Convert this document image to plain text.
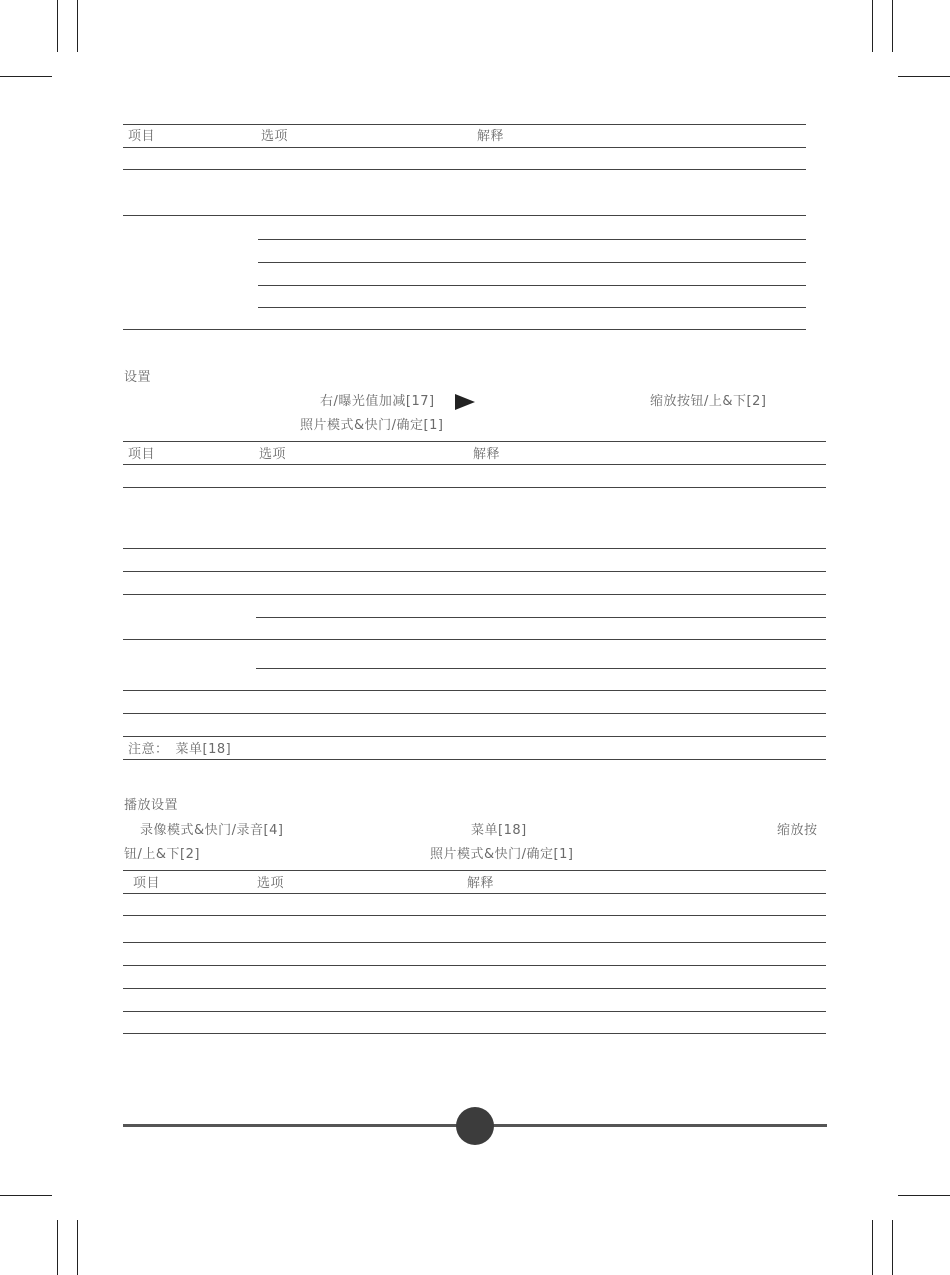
项目	选项	解释
设置
右/曝光值加减[17]	缩放按钮/上&下[2]
照片模式&快门/确定[1]
项目	选项	解释
注意：　菜单[18]
播放设置
录像模式&快门/录音[4]	菜单[18]	缩放按
钮/上&下[2]	照片模式&快门/确定[1]
项目	选项	解释
